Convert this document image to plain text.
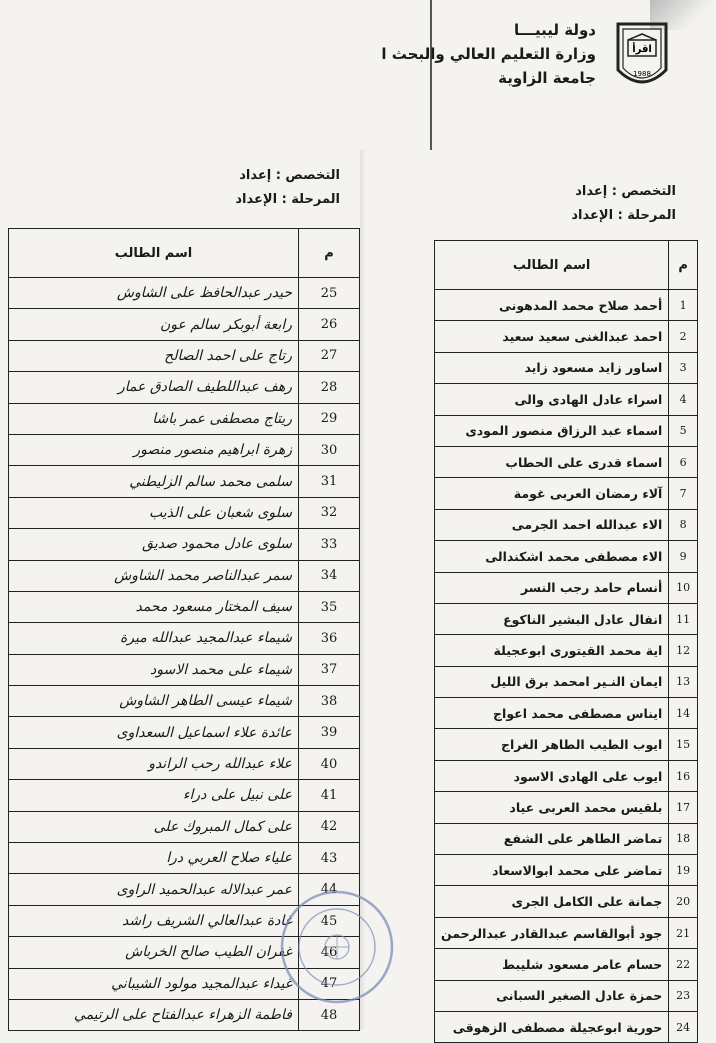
دولة ليبيـــا
وزارة التعليم العالي والبحث ا
جامعة الزاوية
اقرأ
1988
التخصص : إعداد
المرحلة : الإعداد
التخصص : إعداد
المرحلة : الإعداد
م	اسم الطالب
25	حيدر عبدالحافظ على الشاوش
26	رابعة أبوبكر سالم عون
27	رتاج على احمد الصالح
28	رهف عبداللطيف الصادق عمار
29	ريتاج مصطفى عمر باشا
30	زهرة ابراهيم منصور منصور
31	سلمى محمد سالم الزليطني
32	سلوى شعبان على الذيب
33	سلوى عادل محمود صديق
34	سمر عبدالناصر محمد الشاوش
35	سيف المختار مسعود محمد
36	شيماء عبدالمجيد عبدالله ميرة
37	شيماء على محمد الاسود
38	شيماء عيسى الطاهر الشاوش
39	عائدة علاء اسماعيل السعداوى
40	علاء عبدالله رحب الراندو
41	على نبيل على دراء
42	على كمال المبروك على
43	علياء صلاح العربي درا
44	عمر عبدالاله عبدالحميد الراوى
45	غادة عبدالعالي الشريف راشد
46	غفران الطيب صالح الخرباش
47	غيداء عبدالمجيد مولود الشيباني
48	فاطمة الزهراء عبدالفتاح على الرتيمي
م	اسم الطالب
1	أحمد صلاح محمد المدهونى
2	احمد عبدالغنى سعيد سعيد
3	اساور زايد مسعود زايد
4	اسراء عادل الهادى والى
5	اسماء عبد الرزاق منصور المودى
6	اسماء قدرى على الحطاب
7	آلاء رمضان العربى غومة
8	الاء عبدالله احمد الجرمى
9	الاء مصطفى محمد اشكندالى
10	أنسام حامد رجب النسر
11	انفال عادل البشير الناكوع
12	اية محمد القيتورى ابوعجيلة
13	ايمان النـير امحمد برق الليل
14	ايناس مصطفى محمد اعواج
15	ايوب الطيب الطاهر الغراج
16	ايوب على الهادى الاسود
17	بلقيس محمد العربى عياد
18	تماضر الطاهر على الشفع
19	تماضر على محمد ابوالاسعاد
20	جمانة على الكامل الجرى
21	جود أبوالقاسم عبدالقادر عبدالرحمن
22	حسام عامر مسعود شليبط
23	حمزة عادل الصغير السبانى
24	حورية ابوعجيلة مصطفى الزهوقى
